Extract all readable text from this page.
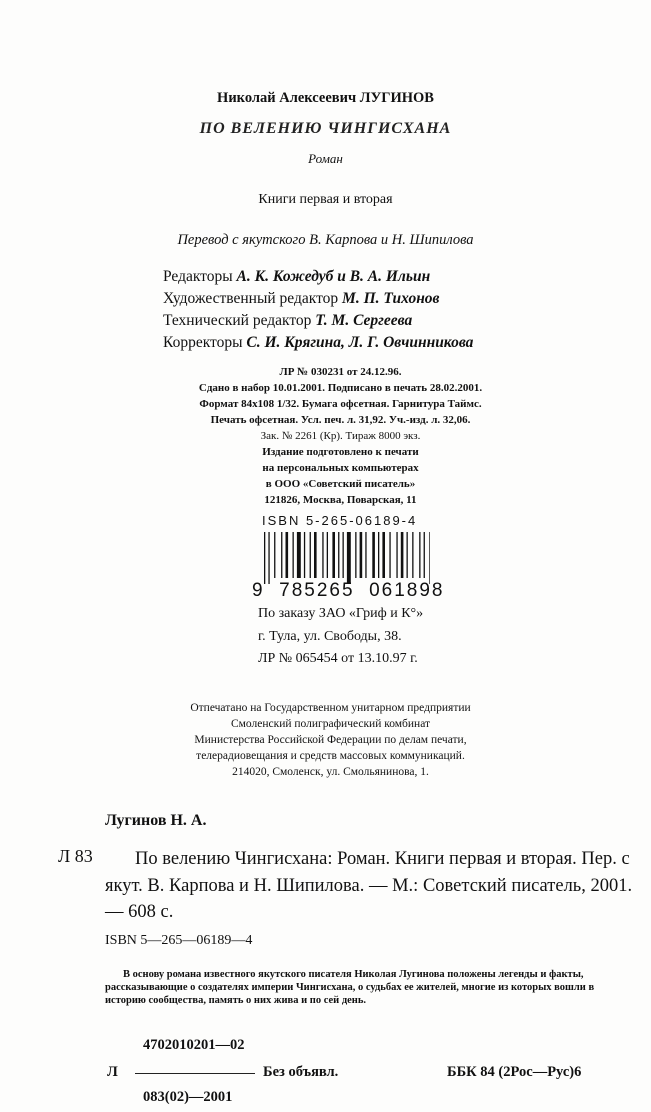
Николай Алексеевич ЛУГИНОВ
ПО ВЕЛЕНИЮ ЧИНГИСХАНА
Роман
Книги первая и вторая
Перевод с якутского В. Карпова и Н. Шипилова
Редакторы А. К. Кожедуб и В. А. Ильин
Художественный редактор М. П. Тихонов
Технический редактор Т. М. Сергеева
Корректоры С. И. Крягина, Л. Г. Овчинникова
ЛР № 030231 от 24.12.96.
Сдано в набор 10.01.2001. Подписано в печать 28.02.2001.
Формат 84х108 1/32. Бумага офсетная. Гарнитура Таймс.
Печать офсетная. Усл. печ. л. 31,92. Уч.-изд. л. 32,06.
Зак. № 2261 (Кр). Тираж 8000 экз.
Издание подготовлено к печати
на персональных компьютерах
в ООО «Советский писатель»
121826, Москва, Поварская, 11
ISBN 5-265-06189-4
9  785265  061898
По заказу ЗАО «Гриф и К°»
г. Тула, ул. Свободы, 38.
ЛР № 065454 от 13.10.97 г.
Отпечатано на Государственном унитарном предприятии
Смоленский полиграфический комбинат
Министерства Российской Федерации по делам печати,
телерадиовещания и средств массовых коммуникаций.
214020, Смоленск, ул. Смольянинова, 1.
Лугинов Н. А.
Л 83	По велению Чингисхана: Роман. Книги первая и вторая. Пер. с якут. В. Карпова и Н. Шипилова. — М.: Советский писатель, 2001. — 608 с.
ISBN 5—265—06189—4
В основу романа известного якутского писателя Николая Лугинова положены легенды и факты, рассказывающие о создателях империи Чингисхана, о судьбах ее жителей, многие из которых вошли в историю сообщества, память о них жива и по сей день.
4702010201—02
Л	Без объявл.	ББК 84 (2Рос—Рус)6
083(02)—2001
